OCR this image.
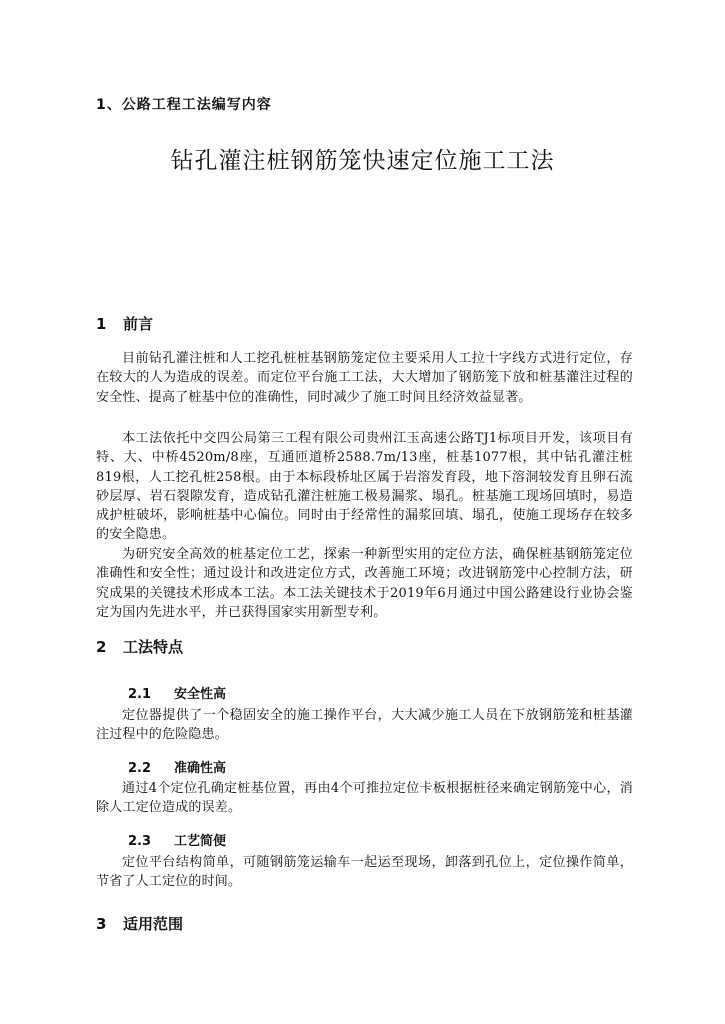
1、公路工程工法编写内容

钻孔灌注桩钢筋笼快速定位施工工法
1 前言

目前钻孔灌注桩和人工挖孔桩桩基钢筋笼定位主要采用人工拉十字线方式进行定位，存在较大的人为造成的误差。而定位平台施工工法，大大增加了钢筋笼下放和桩基灌注过程的安全性、提高了桩基中位的准确性，同时减少了施工时间且经济效益显著。

本工法依托中交四公局第三工程有限公司贵州江玉高速公路TJ1标项目开发，该项目有特、大、中桥4520m/8座，互通匝道桥2588.7m/13座，桩基1077根，其中钻孔灌注桩819根，人工挖孔桩258根。由于本标段桥址区属于岩溶发育段，地下溶洞较发育且卵石流砂层厚、岩石裂隙发育，造成钻孔灌注桩施工极易漏浆、塌孔。桩基施工现场回填时，易造成护桩破坏，影响桩基中心偏位。同时由于经常性的漏浆回填、塌孔，使施工现场存在较多的安全隐患。

为研究安全高效的桩基定位工艺，探索一种新型实用的定位方法，确保桩基钢筋笼定位准确性和安全性；通过设计和改进定位方式，改善施工环境；改进钢筋笼中心控制方法，研究成果的关键技术形成本工法。本工法关键技术于2019年6月通过中国公路建设行业协会鉴定为国内先进水平，并已获得国家实用新型专利。

2 工法特点
2.1 安全性高

定位器提供了一个稳固安全的施工操作平台，大大减少施工人员在下放钢筋笼和桩基灌注过程中的危险隐患。

2.2 准确性高

通过4个定位孔确定桩基位置，再由4个可推拉定位卡板根据桩径来确定钢筋笼中心，消除人工定位造成的误差。

2.3 工艺简便

定位平台结构简单，可随钢筋笼运输车一起运至现场，卸落到孔位上，定位操作简单，节省了人工定位的时间。

3 适用范围
